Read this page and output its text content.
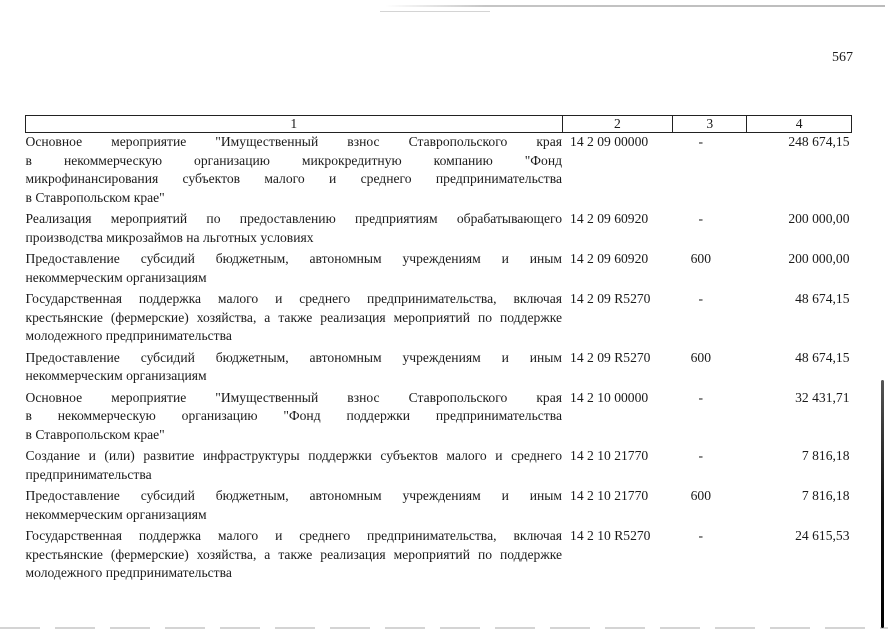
567
1	2	3	4

Основное мероприятие "Имущественный взнос Ставропольского края
в некоммерческую организацию микрокредитную компанию "Фонд
микрофинансирования субъектов малого и среднего предпринимательства
в Ставропольском крае"	14 2 09 00000	-	248 674,15

Реализация мероприятий по предоставлению предприятиям обрабатывающего
производства микрозаймов на льготных условиях	14 2 09 60920	-	200 000,00

Предоставление субсидий бюджетным, автономным учреждениям и иным
некоммерческим организациям	14 2 09 60920	600	200 000,00

Государственная поддержка малого и среднего предпринимательства, включая
крестьянские (фермерские) хозяйства, а также реализация мероприятий по поддержке
молодежного предпринимательства	14 2 09 R5270	-	48 674,15

Предоставление субсидий бюджетным, автономным учреждениям и иным
некоммерческим организациям	14 2 09 R5270	600	48 674,15

Основное мероприятие "Имущественный взнос Ставропольского края
в некоммерческую организацию "Фонд поддержки предпринимательства
в Ставропольском крае"	14 2 10 00000	-	32 431,71

Создание и (или) развитие инфраструктуры поддержки субъектов малого и среднего
предпринимательства	14 2 10 21770	-	7 816,18

Предоставление субсидий бюджетным, автономным учреждениям и иным
некоммерческим организациям	14 2 10 21770	600	7 816,18

Государственная поддержка малого и среднего предпринимательства, включая
крестьянские (фермерские) хозяйства, а также реализация мероприятий по поддержке
молодежного предпринимательства	14 2 10 R5270	-	24 615,53
